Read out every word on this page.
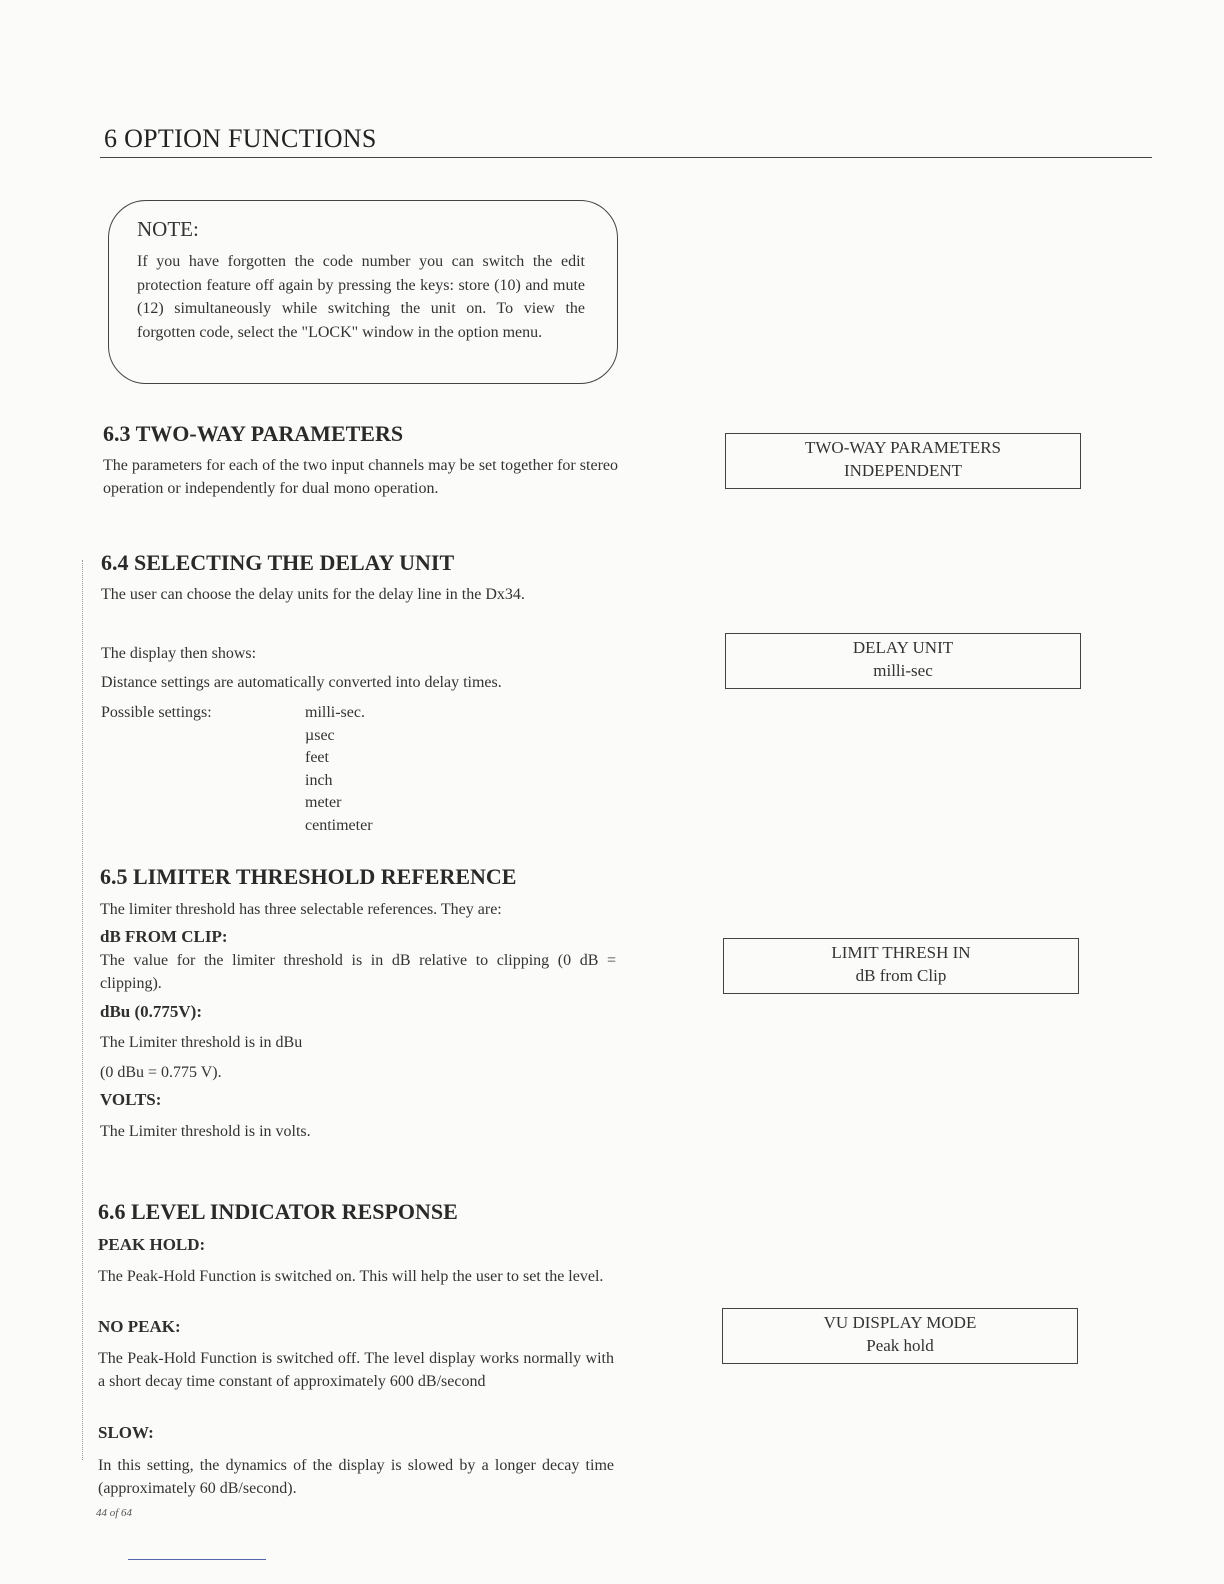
6 OPTION FUNCTIONS
NOTE:
If you have forgotten the code number you can switch the edit protection feature off again by pressing the keys: store (10) and mute (12) simultaneously while switching the unit on. To view the forgotten code, select the "LOCK" window in the option menu.
6.3 TWO-WAY PARAMETERS
The parameters for each of the two input channels may be set together for stereo operation or independently for dual mono operation.
TWO-WAY PARAMETERS
INDEPENDENT
6.4 SELECTING THE DELAY UNIT
The user can choose the delay units for the delay line in the Dx34.
The display then shows:
Distance settings are automatically converted into delay times.
Possible settings:	milli-sec.
µsec
feet
inch
meter
centimeter
DELAY UNIT
milli-sec
6.5 LIMITER THRESHOLD REFERENCE
The limiter threshold has three selectable references. They are:
dB FROM CLIP:
The value for the limiter threshold is in dB relative to clipping (0 dB = clipping).
dBu (0.775V):
The Limiter threshold is in dBu
(0 dBu = 0.775 V).
VOLTS:
The Limiter threshold is in volts.
LIMIT THRESH IN
dB from Clip
6.6 LEVEL INDICATOR RESPONSE
PEAK HOLD:
The Peak-Hold Function is switched on. This will help the user to set the level.
NO PEAK:
The Peak-Hold Function is switched off. The level display works normally with a short decay time constant of approximately 600 dB/second
SLOW:
In this setting, the dynamics of the display is slowed by a longer decay time (approximately 60 dB/second).
VU DISPLAY MODE
Peak hold
44 of 64
